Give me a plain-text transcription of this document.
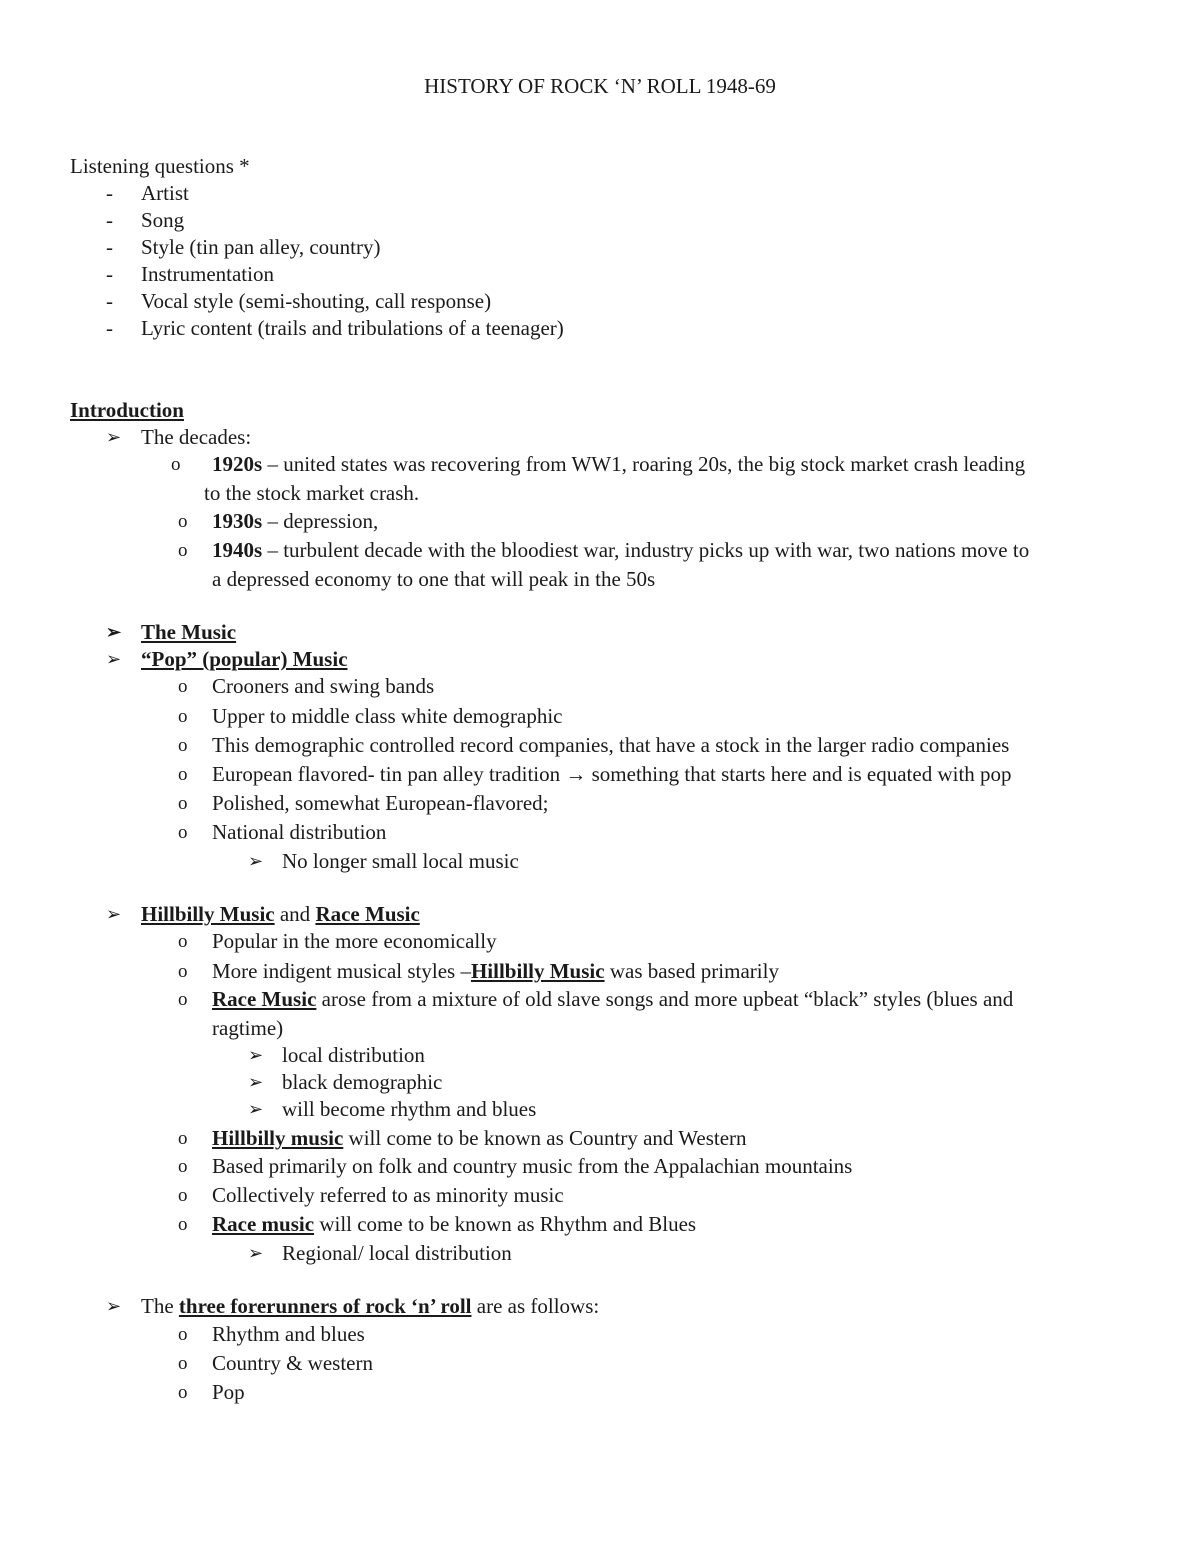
HISTORY OF ROCK ‘N’ ROLL 1948-69
Listening questions *
- Artist
- Song
- Style (tin pan alley, country)
- Instrumentation
- Vocal style (semi-shouting, call response)
- Lyric content (trails and tribulations of a teenager)
Introduction
➢ The decades:
o 1920s – united states was recovering from WW1, roaring 20s, the big stock market crash leading
to the stock market crash.
o 1930s – depression,
o 1940s – turbulent decade with the bloodiest war, industry picks up with war, two nations move to
a depressed economy to one that will peak in the 50s
➢ The Music
➢ “Pop” (popular) Music
o Crooners and swing bands
o Upper to middle class white demographic
o This demographic controlled record companies, that have a stock in the larger radio companies
o European flavored- tin pan alley tradition → something that starts here and is equated with pop
o Polished, somewhat European-flavored;
o National distribution
➢ No longer small local music
➢ Hillbilly Music and Race Music
o Popular in the more economically
o More indigent musical styles –Hillbilly Music was based primarily
o Race Music arose from a mixture of old slave songs and more upbeat “black” styles (blues and
ragtime)
➢ local distribution
➢ black demographic
➢ will become rhythm and blues
o Hillbilly music will come to be known as Country and Western
o Based primarily on folk and country music from the Appalachian mountains
o Collectively referred to as minority music
o Race music will come to be known as Rhythm and Blues
➢ Regional/ local distribution
➢ The three forerunners of rock ‘n’ roll are as follows:
o Rhythm and blues
o Country & western
o Pop
